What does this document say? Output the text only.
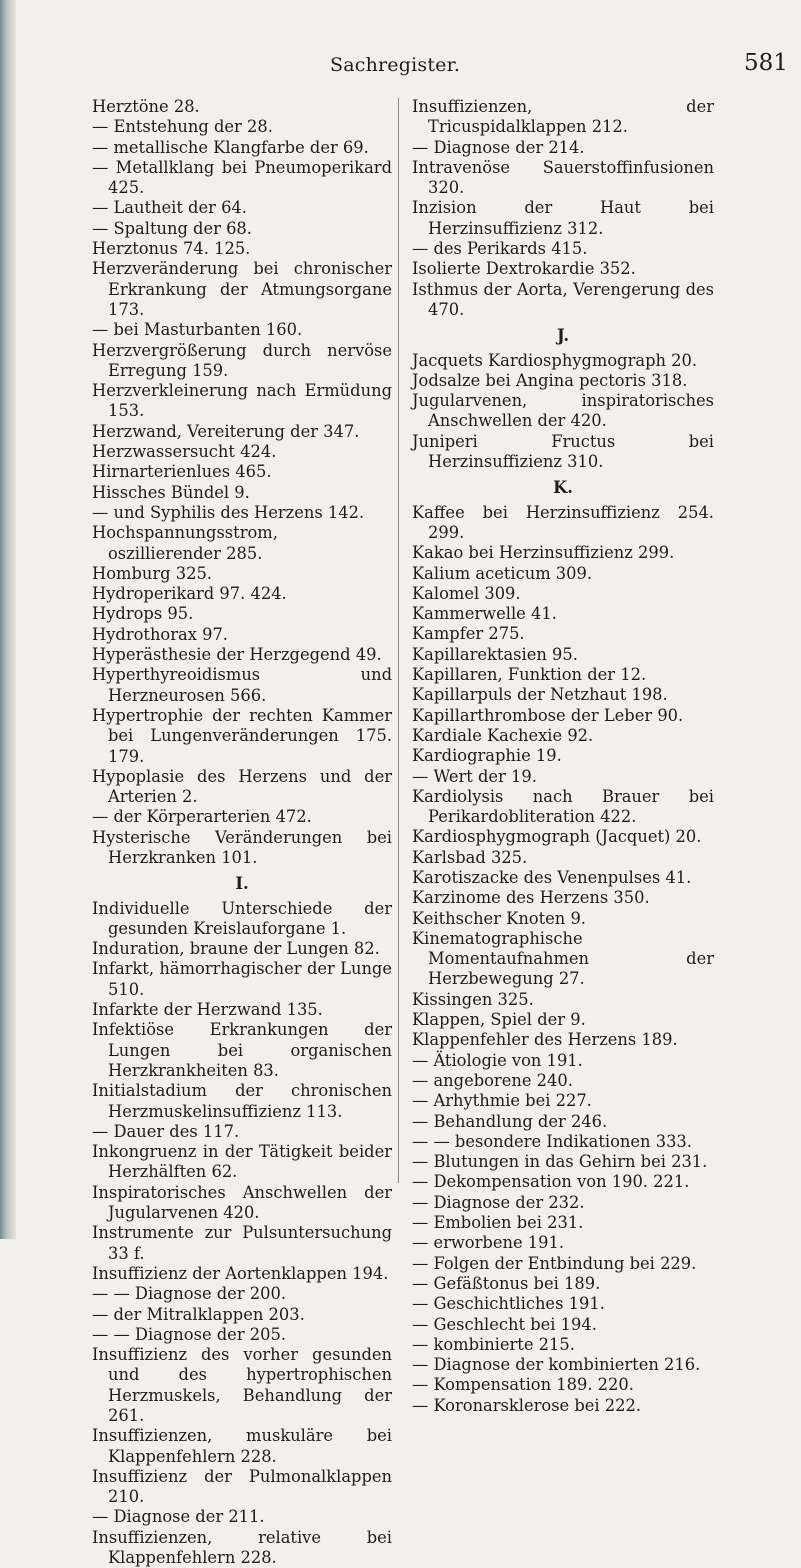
Sachregister.	581
Herztöne 28.
— Entstehung der 28.
— metallische Klangfarbe der 69.
— Metallklang bei Pneumoperikard 425.
— Lautheit der 64.
— Spaltung der 68.
Herztonus 74. 125.
Herzveränderung bei chronischer Erkrankung der Atmungsorgane 173.
— bei Masturbanten 160.
Herzvergrößerung durch nervöse Erregung 159.
Herzverkleinerung nach Ermüdung 153.
Herzwand, Vereiterung der 347.
Herzwassersucht 424.
Hirnarterienlues 465.
Hissches Bündel 9.
— und Syphilis des Herzens 142.
Hochspannungsstrom, oszillierender 285.
Homburg 325.
Hydroperikard 97. 424.
Hydrops 95.
Hydrothorax 97.
Hyperästhesie der Herzgegend 49.
Hyperthyreoidismus und Herzneurosen 566.
Hypertrophie der rechten Kammer bei Lungenveränderungen 175. 179.
Hypoplasie des Herzens und der Arterien 2.
— der Körperarterien 472.
Hysterische Veränderungen bei Herzkranken 101.
I.
Individuelle Unterschiede der gesunden Kreislauforgane 1.
Induration, braune der Lungen 82.
Infarkt, hämorrhagischer der Lunge 510.
Infarkte der Herzwand 135.
Infektiöse Erkrankungen der Lungen bei organischen Herzkrankheiten 83.
Initialstadium der chronischen Herzmuskelinsuffizienz 113.
— Dauer des 117.
Inkongruenz in der Tätigkeit beider Herzhälften 62.
Inspiratorisches Anschwellen der Jugularvenen 420.
Instrumente zur Pulsuntersuchung 33 f.
Insuffizienz der Aortenklappen 194.
— — Diagnose der 200.
— der Mitralklappen 203.
— — Diagnose der 205.
Insuffizienz des vorher gesunden und des hypertrophischen Herzmuskels, Behandlung der 261.
Insuffizienzen, muskuläre bei Klappenfehlern 228.
Insuffizienz der Pulmonalklappen 210.
— Diagnose der 211.
Insuffizienzen, relative bei Klappenfehlern 228.
Insuffizienzen, der Tricuspidalklappen 212.
— Diagnose der 214.
Intravenöse Sauerstoffinfusionen 320.
Inzision der Haut bei Herzinsuffizienz 312.
— des Perikards 415.
Isolierte Dextrokardie 352.
Isthmus der Aorta, Verengerung des 470.
J.
Jacquets Kardiosphygmograph 20.
Jodsalze bei Angina pectoris 318.
Jugularvenen, inspiratorisches Anschwellen der 420.
Juniperi Fructus bei Herzinsuffizienz 310.
K.
Kaffee bei Herzinsuffizienz 254. 299.
Kakao bei Herzinsuffizienz 299.
Kalium aceticum 309.
Kalomel 309.
Kammerwelle 41.
Kampfer 275.
Kapillarektasien 95.
Kapillaren, Funktion der 12.
Kapillarpuls der Netzhaut 198.
Kapillarthrombose der Leber 90.
Kardiale Kachexie 92.
Kardiographie 19.
— Wert der 19.
Kardiolysis nach Brauer bei Perikardobliteration 422.
Kardiosphygmograph (Jacquet) 20.
Karlsbad 325.
Karotiszacke des Venenpulses 41.
Karzinome des Herzens 350.
Keithscher Knoten 9.
Kinematographische Momentaufnahmen der Herzbewegung 27.
Kissingen 325.
Klappen, Spiel der 9.
Klappenfehler des Herzens 189.
— Ätiologie von 191.
— angeborene 240.
— Arhythmie bei 227.
— Behandlung der 246.
— — besondere Indikationen 333.
— Blutungen in das Gehirn bei 231.
— Dekompensation von 190. 221.
— Diagnose der 232.
— Embolien bei 231.
— erworbene 191.
— Folgen der Entbindung bei 229.
— Gefäßtonus bei 189.
— Geschichtliches 191.
— Geschlecht bei 194.
— kombinierte 215.
— Diagnose der kombinierten 216.
— Kompensation 189. 220.
— Koronarsklerose bei 222.
